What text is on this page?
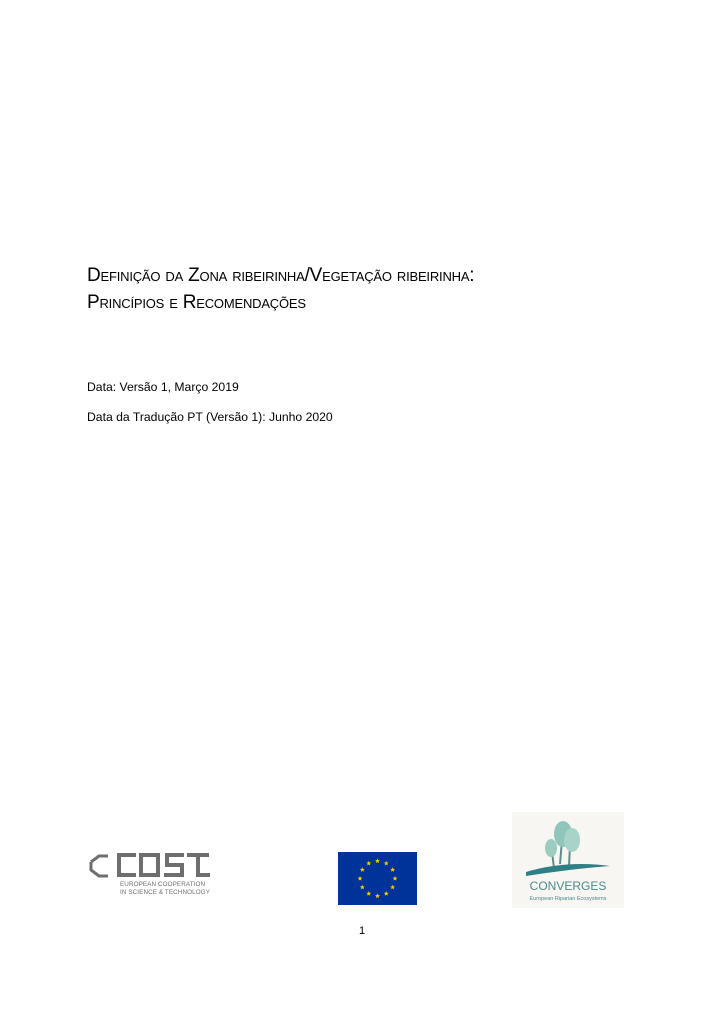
Definição da Zona ribeirinha/Vegetação ribeirinha:
Princípios e Recomendações
Data: Versão 1, Março 2019
Data da Tradução PT (Versão 1): Junho 2020
EUROPEAN COOPERATION
IN SCIENCE & TECHNOLOGY	CONVERGES
European Riparian Ecosystems
1
